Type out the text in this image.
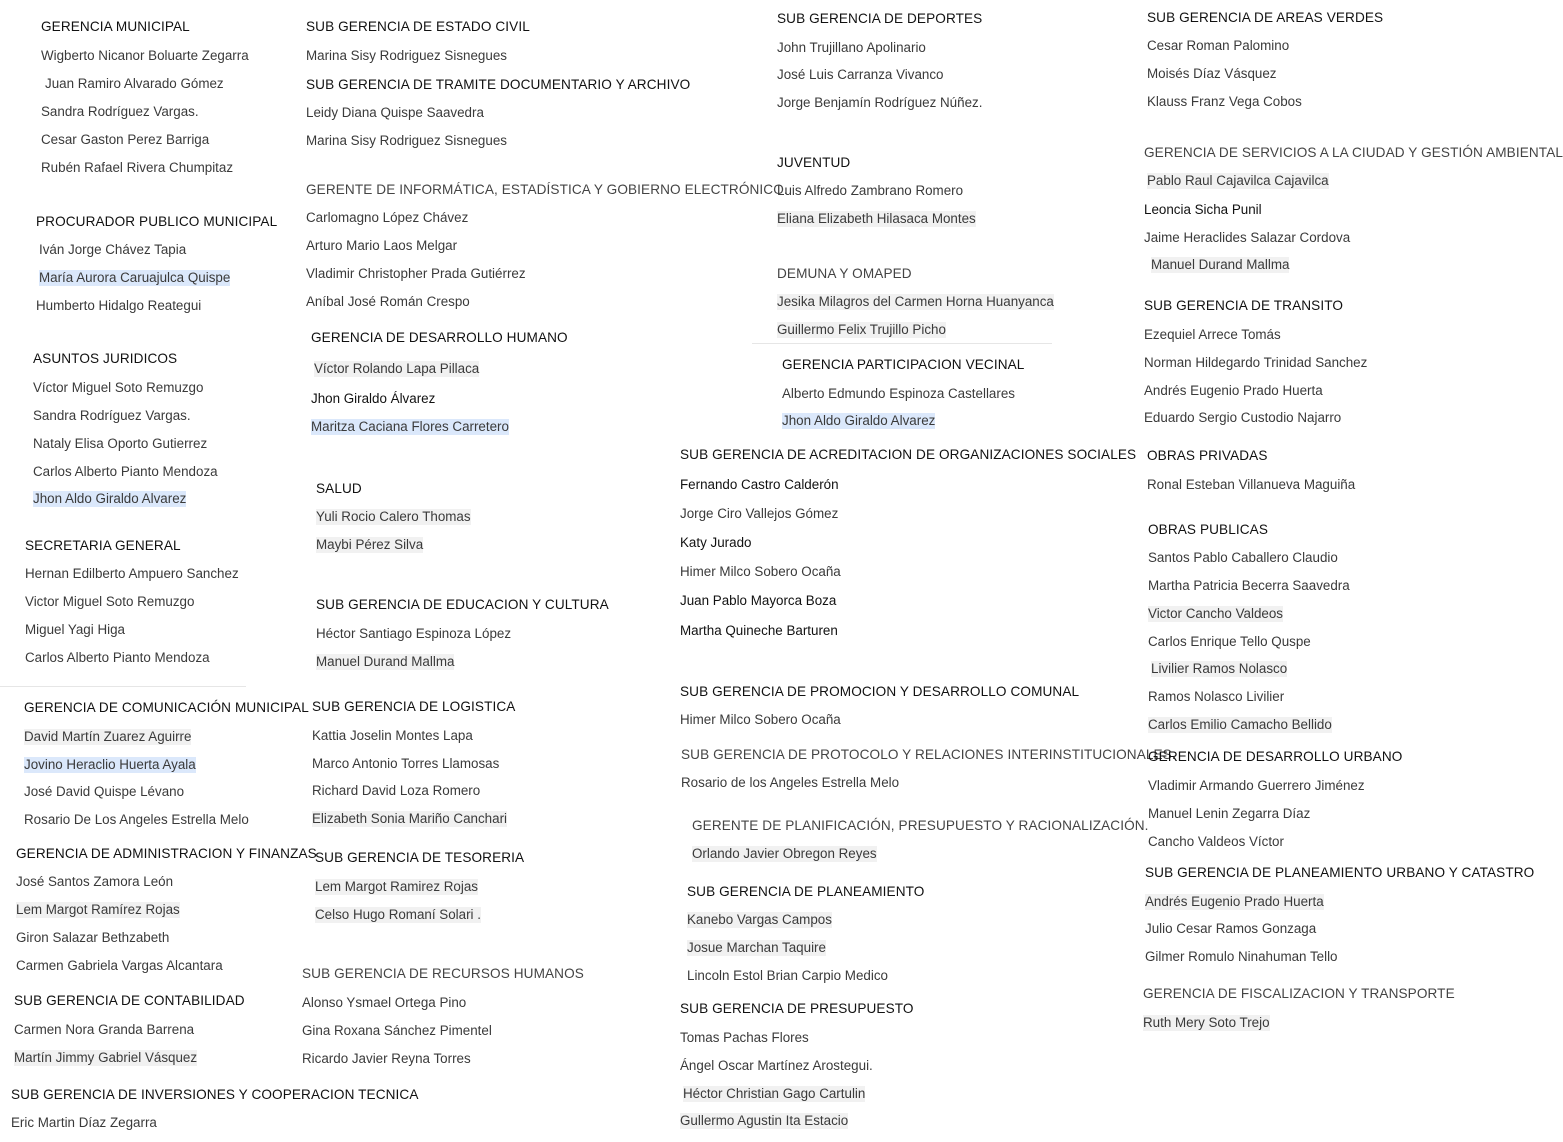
GERENCIA MUNICIPAL
Wigberto Nicanor Boluarte Zegarra
Juan Ramiro Alvarado Gómez
Sandra Rodríguez Vargas.
Cesar Gaston Perez Barriga
Rubén Rafael Rivera Chumpitaz
PROCURADOR PUBLICO MUNICIPAL
Iván Jorge Chávez Tapia
María Aurora Caruajulca Quispe
Humberto Hidalgo Reategui
ASUNTOS JURIDICOS
Víctor Miguel Soto Remuzgo
Sandra Rodríguez Vargas.
Nataly Elisa Oporto Gutierrez
Carlos Alberto Pianto Mendoza
Jhon Aldo Giraldo Alvarez
SECRETARIA GENERAL
Hernan Edilberto Ampuero Sanchez
Victor Miguel Soto Remuzgo
Miguel Yagi Higa
Carlos Alberto Pianto Mendoza
GERENCIA DE COMUNICACIÓN MUNICIPAL
David Martín Zuarez Aguirre
Jovino Heraclio Huerta Ayala
José David Quispe Lévano
Rosario De Los Angeles Estrella Melo
GERENCIA DE ADMINISTRACION Y FINANZAS
José Santos Zamora León
Lem Margot Ramírez Rojas
Giron Salazar Bethzabeth
Carmen Gabriela Vargas Alcantara
SUB GERENCIA DE CONTABILIDAD
Carmen Nora Granda Barrena
Martín Jimmy Gabriel Vásquez
SUB GERENCIA DE INVERSIONES Y COOPERACION TECNICA
Eric Martin Díaz Zegarra
SUB GERENCIA DE ESTADO CIVIL
Marina Sisy Rodriguez Sisnegues
SUB GERENCIA DE TRAMITE DOCUMENTARIO Y ARCHIVO
Leidy Diana Quispe Saavedra
Marina Sisy Rodriguez Sisnegues
GERENTE DE INFORMÁTICA, ESTADÍSTICA Y GOBIERNO ELECTRÓNICO.
Carlomagno López Chávez
Arturo Mario Laos Melgar
Vladimir Christopher Prada Gutiérrez
Aníbal José Román Crespo
GERENCIA DE DESARROLLO HUMANO
Víctor Rolando Lapa Pillaca
Jhon Giraldo Álvarez
Maritza Caciana Flores Carretero
SALUD
Yuli Rocio Calero Thomas
Maybi Pérez Silva
SUB GERENCIA DE EDUCACION Y CULTURA
Héctor Santiago Espinoza López
Manuel Durand Mallma
SUB GERENCIA DE LOGISTICA
Kattia Joselin Montes Lapa
Marco Antonio Torres Llamosas
Richard David Loza Romero
Elizabeth Sonia Mariño Canchari
SUB GERENCIA DE TESORERIA
Lem Margot Ramirez Rojas
Celso Hugo Romaní Solari .
SUB GERENCIA DE RECURSOS HUMANOS
Alonso Ysmael Ortega Pino
Gina Roxana Sánchez Pimentel
Ricardo Javier Reyna Torres
SUB GERENCIA DE DEPORTES
John Trujillano Apolinario
José Luis Carranza Vivanco
Jorge Benjamín Rodríguez Núñez.
JUVENTUD
Luis Alfredo Zambrano Romero
Eliana Elizabeth Hilasaca Montes
DEMUNA Y OMAPED
Jesika Milagros del Carmen Horna Huanyanca
Guillermo Felix Trujillo Picho
GERENCIA PARTICIPACION VECINAL
Alberto Edmundo Espinoza Castellares
Jhon Aldo Giraldo Alvarez
SUB GERENCIA DE ACREDITACION DE ORGANIZACIONES SOCIALES
Fernando Castro Calderón
Jorge Ciro Vallejos Gómez
Katy Jurado
Himer Milco Sobero Ocaña
Juan Pablo Mayorca Boza
Martha Quineche Barturen
SUB GERENCIA DE PROMOCION Y DESARROLLO COMUNAL
Himer Milco Sobero Ocaña
SUB GERENCIA DE PROTOCOLO Y RELACIONES INTERINSTITUCIONALES.
Rosario de los Angeles Estrella Melo
GERENTE DE PLANIFICACIÓN, PRESUPUESTO Y RACIONALIZACIÓN.
Orlando Javier Obregon Reyes
SUB GERENCIA DE PLANEAMIENTO
Kanebo Vargas Campos
Josue Marchan Taquire
Lincoln Estol Brian Carpio Medico
SUB GERENCIA DE PRESUPUESTO
Tomas Pachas Flores
Ángel Oscar Martínez Arostegui.
Héctor Christian Gago Cartulin
Gullermo Agustin Ita Estacio
SUB GERENCIA DE AREAS VERDES
Cesar Roman Palomino
Moisés Díaz Vásquez
Klauss Franz Vega Cobos
GERENCIA DE SERVICIOS A LA CIUDAD Y GESTIÓN AMBIENTAL
Pablo Raul Cajavilca Cajavilca
Leoncia Sicha Punil
Jaime Heraclides Salazar Cordova
Manuel Durand Mallma
SUB GERENCIA DE TRANSITO
Ezequiel Arrece Tomás
Norman Hildegardo Trinidad Sanchez
Andrés Eugenio Prado Huerta
Eduardo Sergio Custodio Najarro
OBRAS PRIVADAS
Ronal Esteban Villanueva Maguiña
OBRAS PUBLICAS
Santos Pablo Caballero Claudio
Martha Patricia Becerra Saavedra
Victor Cancho Valdeos
Carlos Enrique Tello Quspe
Livilier Ramos Nolasco
Ramos Nolasco Livilier
Carlos Emilio Camacho Bellido
GERENCIA DE DESARROLLO URBANO
Vladimir Armando Guerrero Jiménez
Manuel Lenin Zegarra Díaz
Cancho Valdeos Víctor
SUB GERENCIA DE PLANEAMIENTO URBANO Y CATASTRO
Andrés Eugenio Prado Huerta
Julio Cesar Ramos Gonzaga
Gilmer Romulo Ninahuman Tello
GERENCIA DE FISCALIZACION Y TRANSPORTE
Ruth Mery Soto Trejo
